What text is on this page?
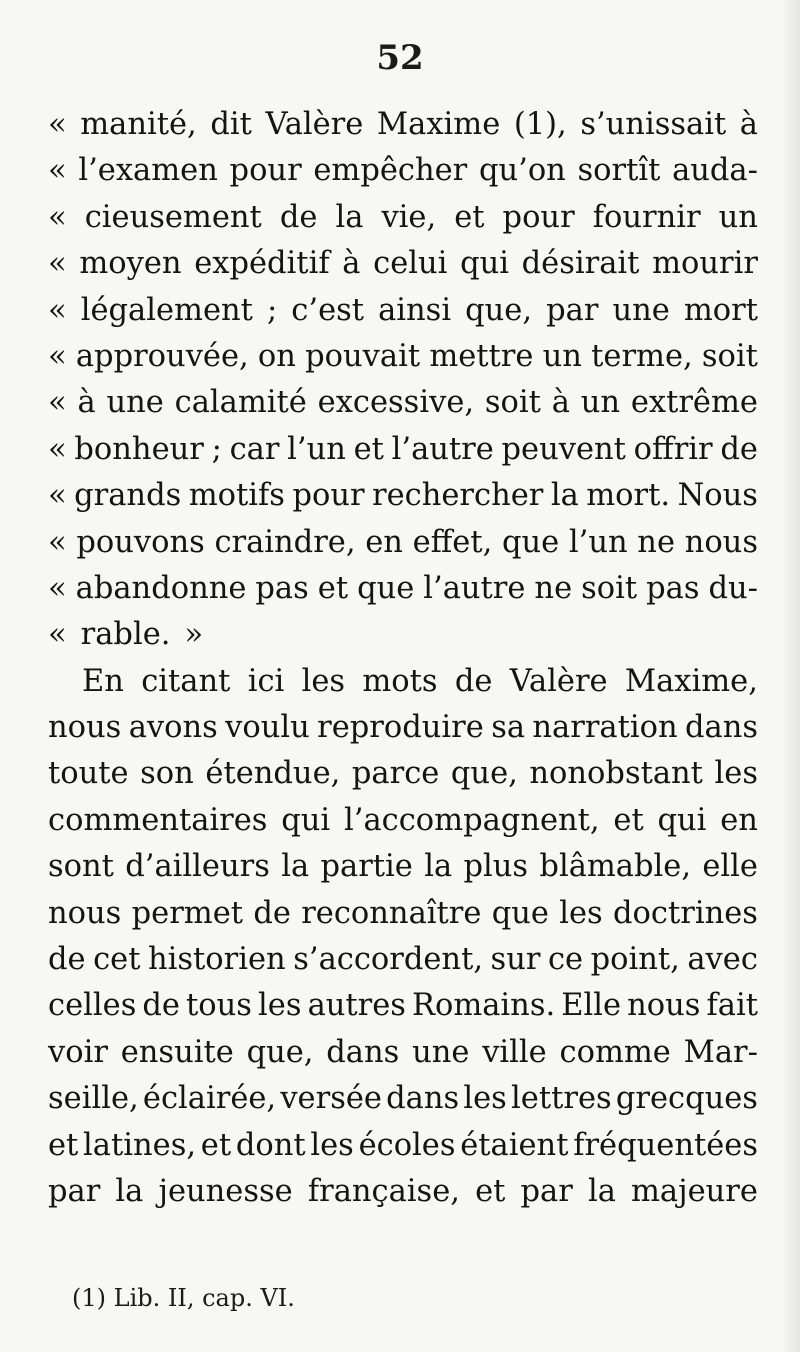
52
« manité, dit Valère Maxime (1), s’unissait à
« l’examen pour empêcher qu’on sortît auda-
« cieusement de la vie, et pour fournir un
« moyen expéditif à celui qui désirait mourir
« légalement ; c’est ainsi que, par une mort
« approuvée, on pouvait mettre un terme, soit
« à une calamité excessive, soit à un extrême
« bonheur ; car l’un et l’autre peuvent offrir de
« grands motifs pour rechercher la mort. Nous
« pouvons craindre, en effet, que l’un ne nous
« abandonne pas et que l’autre ne soit pas du-
« rable. »
En citant ici les mots de Valère Maxime,
nous avons voulu reproduire sa narration dans
toute son étendue, parce que, nonobstant les
commentaires qui l’accompagnent, et qui en
sont d’ailleurs la partie la plus blâmable, elle
nous permet de reconnaître que les doctrines
de cet historien s’accordent, sur ce point, avec
celles de tous les autres Romains. Elle nous fait
voir ensuite que, dans une ville comme Mar-
seille, éclairée, versée dans les lettres grecques
et latines, et dont les écoles étaient fréquentées
par la jeunesse française, et par la majeure
(1) Lib. II, cap. VI.
